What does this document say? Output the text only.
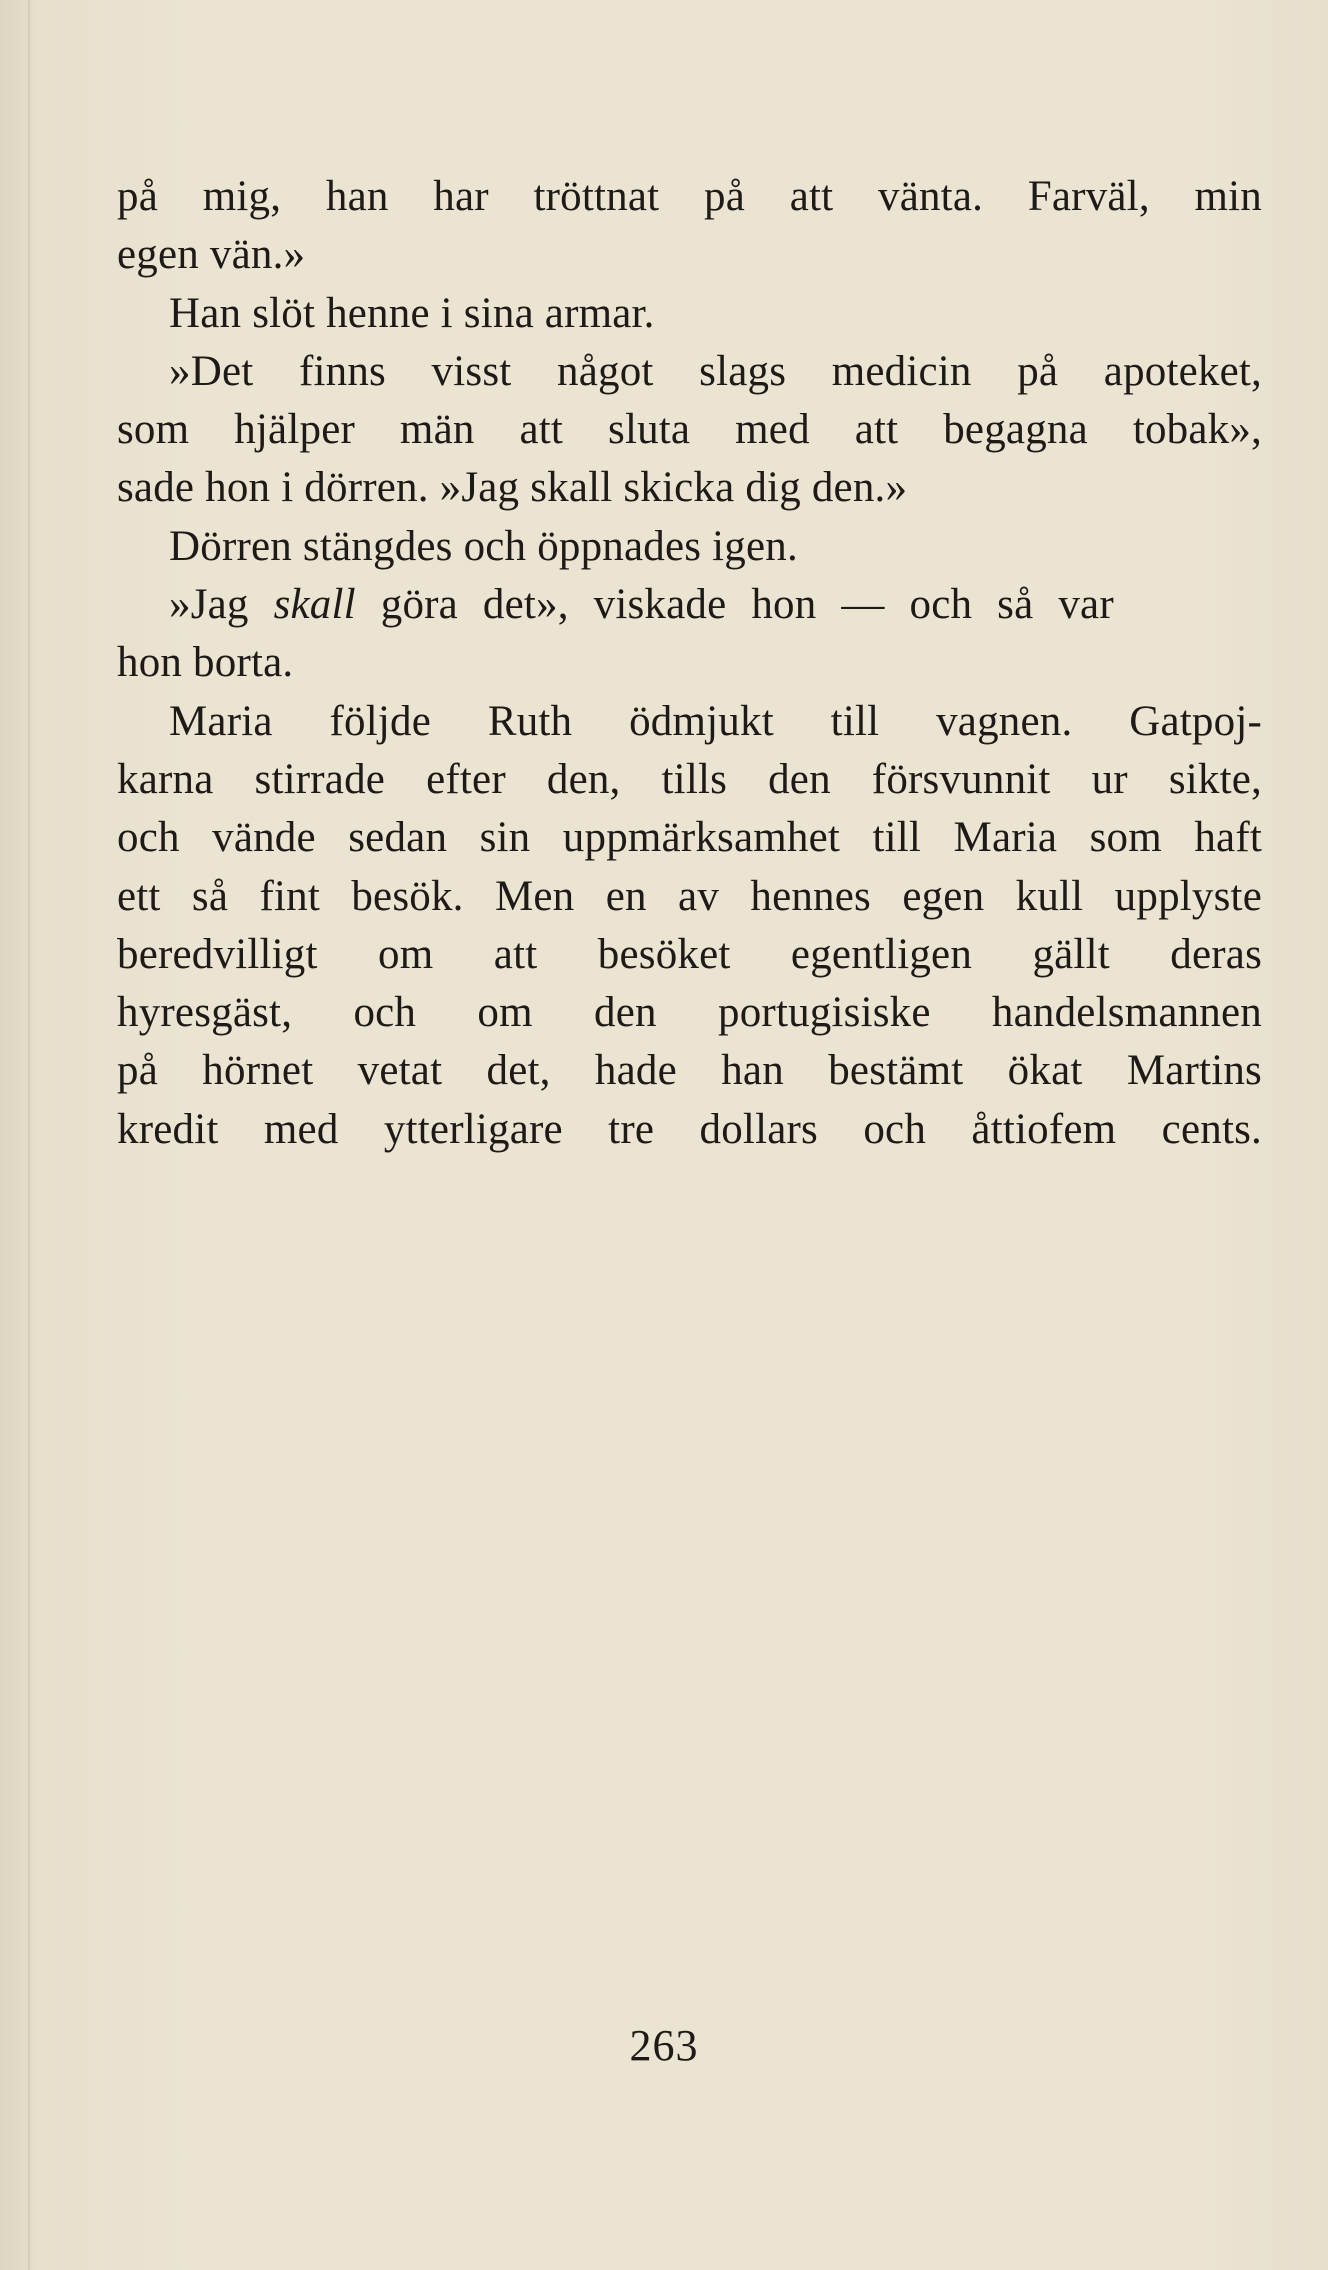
på mig, han har tröttnat på att vänta. Farväl, min
egen vän.»
Han slöt henne i sina armar.
»Det finns visst något slags medicin på apoteket,
som hjälper män att sluta med att begagna tobak»,
sade hon i dörren. »Jag skall skicka dig den.»
Dörren stängdes och öppnades igen.
»Jag skall göra det», viskade hon — och så var
hon borta.
Maria följde Ruth ödmjukt till vagnen. Gatpoj-
karna stirrade efter den, tills den försvunnit ur sikte,
och vände sedan sin uppmärksamhet till Maria som haft
ett så fint besök. Men en av hennes egen kull upplyste
beredvilligt om att besöket egentligen gällt deras
hyresgäst, och om den portugisiske handelsmannen
på hörnet vetat det, hade han bestämt ökat Martins
kredit med ytterligare tre dollars och åttiofem cents.
263
